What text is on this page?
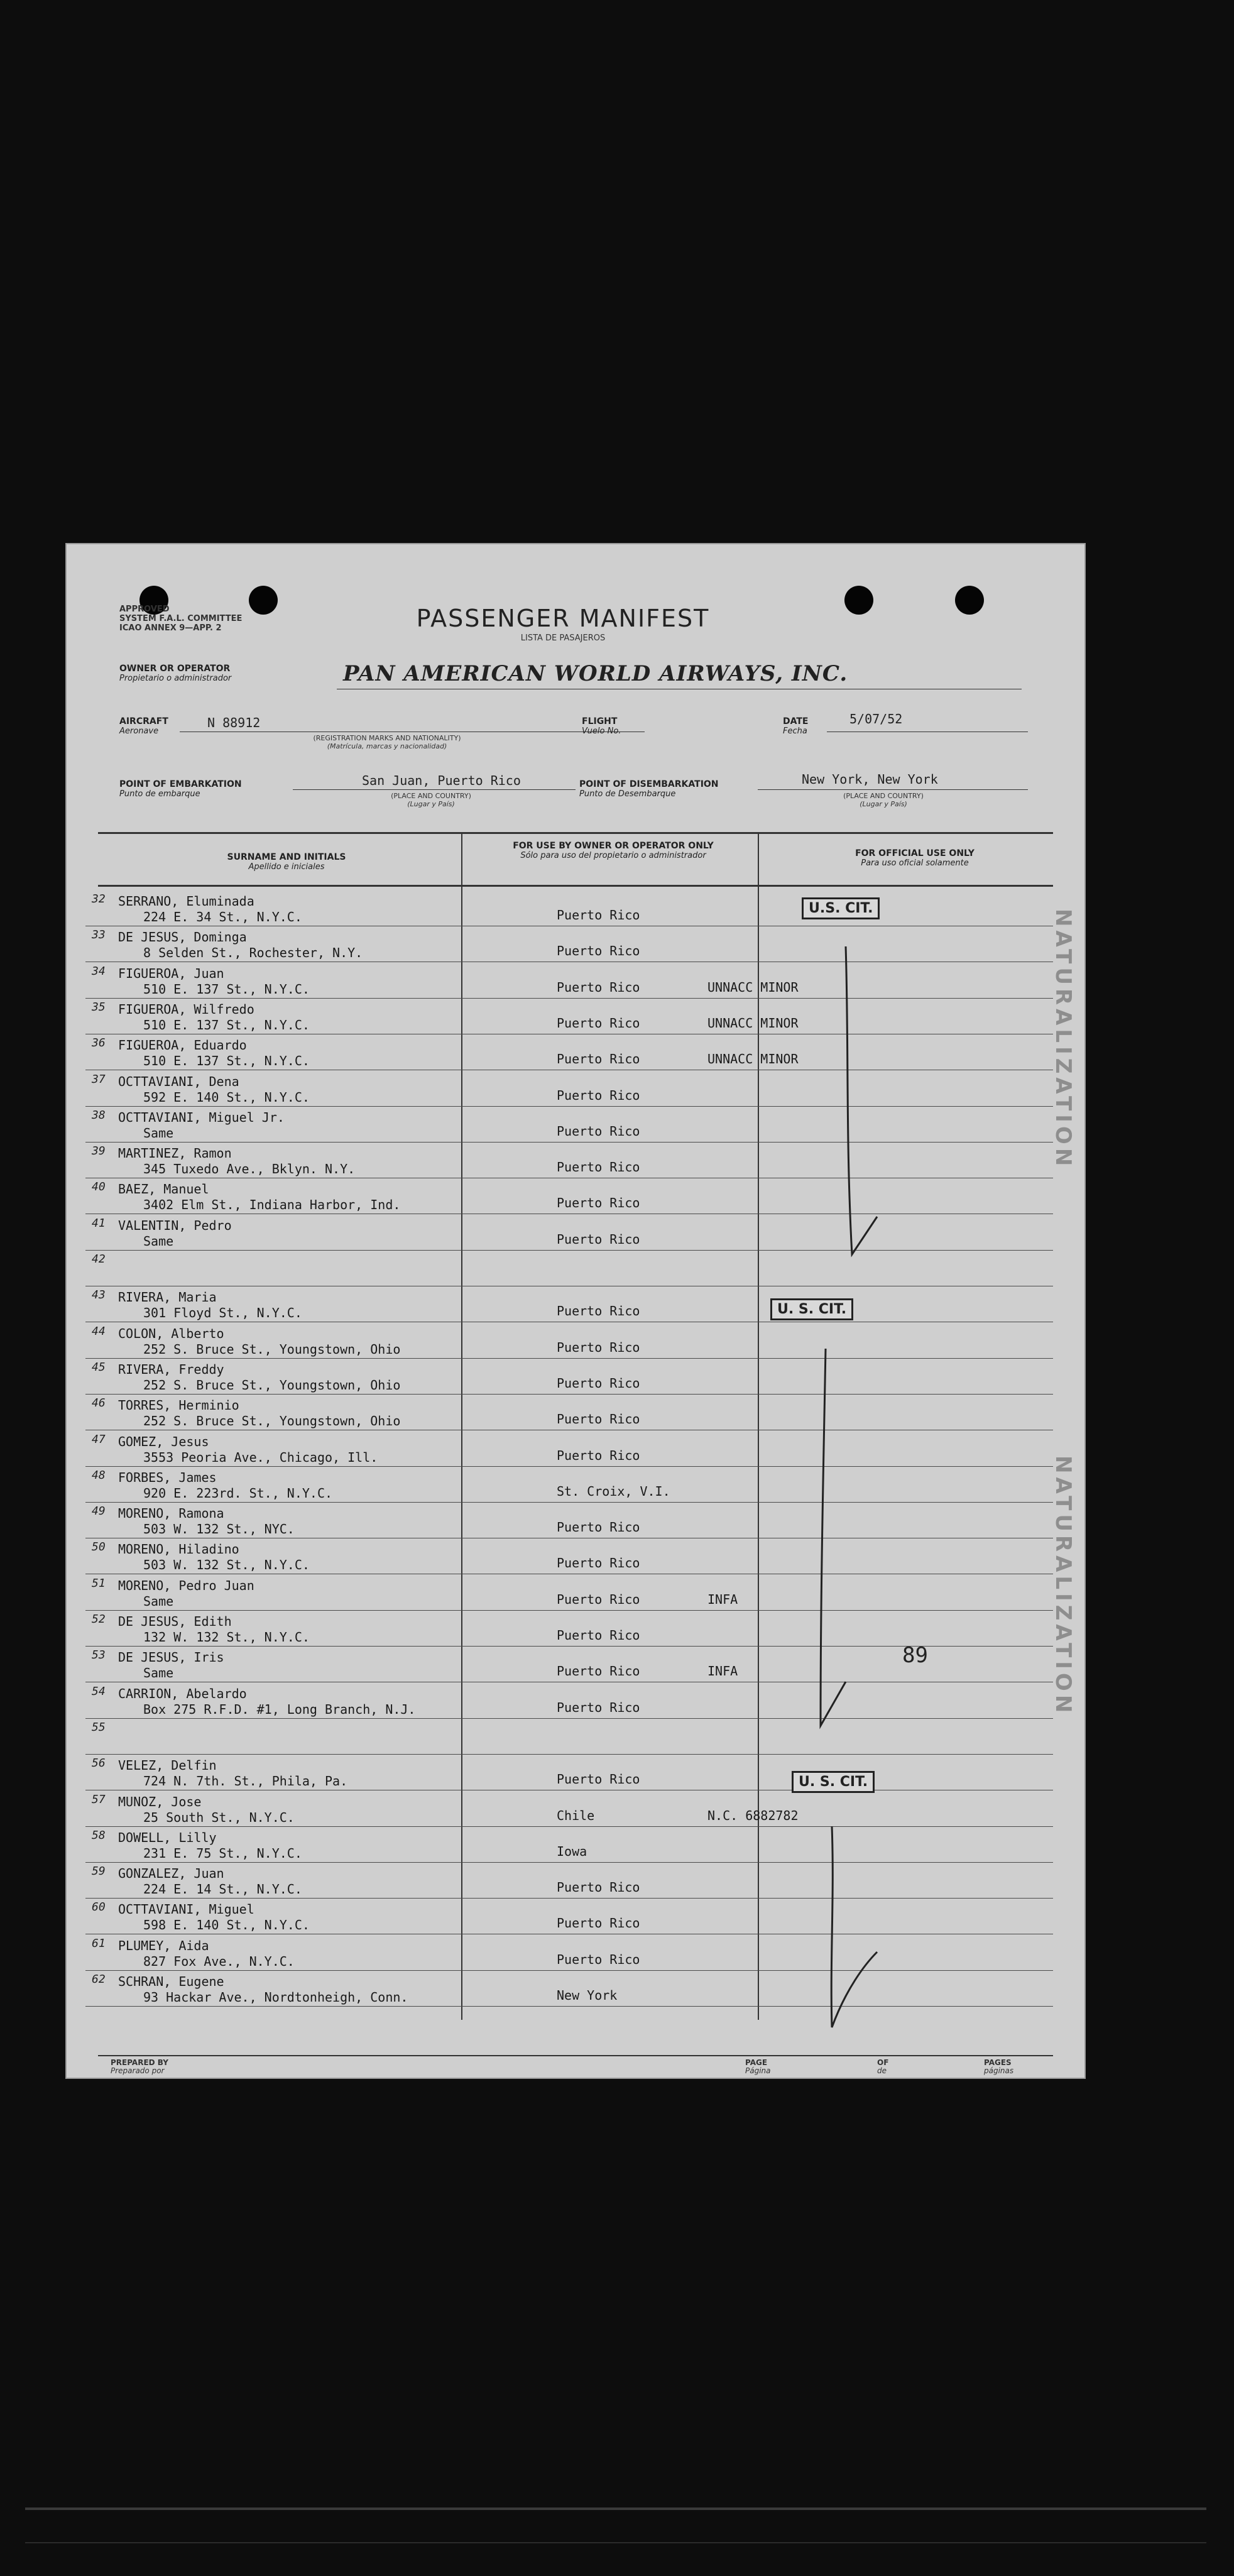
APPROVED
SYSTEM F.A.L. COMMITTEE
ICAO ANNEX 9—APP. 2	PASSENGER MANIFEST
LISTA DE PASAJEROS
OWNER OR OPERATOR
Propietario o administrador	PAN AMERICAN WORLD AIRWAYS, INC.
AIRCRAFT
Aeronave
N 88912
(REGISTRATION MARKS AND NATIONALITY)
(Matrícula, marcas y nacionalidad)
FLIGHT
Vuelo No.
DATE
Fecha
5/07/52
POINT OF EMBARKATION
Punto de embarque
San Juan, Puerto Rico
(PLACE AND COUNTRY)
(Lugar y País)
POINT OF DISEMBARKATION
Punto de Desembarque
New York, New York
(PLACE AND COUNTRY)
(Lugar y País)
SURNAME AND INITIALS
Apellido e iniciales
FOR USE BY OWNER OR OPERATOR ONLY
Sólo para uso del propietario o administrador	FOR OFFICIAL USE ONLY
Para uso oficial solamente
32 SERRANO, Eluminada
224 E. 34 St., N.Y.C.	Puerto Rico
33 DE JESUS, Dominga
8 Selden St., Rochester, N.Y.	Puerto Rico
34 FIGUEROA, Juan
510 E. 137 St., N.Y.C.	Puerto Rico	UNNACC MINOR
35 FIGUEROA, Wilfredo
510 E. 137 St., N.Y.C.	Puerto Rico	UNNACC MINOR
36 FIGUEROA, Eduardo
510 E. 137 St., N.Y.C.	Puerto Rico	UNNACC MINOR
37 OCTTAVIANI, Dena
592 E. 140 St., N.Y.C.	Puerto Rico
38 OCTTAVIANI, Miguel Jr.
Same	Puerto Rico
39 MARTINEZ, Ramon
345 Tuxedo Ave., Bklyn. N.Y.	Puerto Rico
40 BAEZ, Manuel
3402 Elm St., Indiana Harbor, Ind.	Puerto Rico
41 VALENTIN, Pedro
Same	Puerto Rico
42
43 RIVERA, Maria
301 Floyd St., N.Y.C.	Puerto Rico
44 COLON, Alberto
252 S. Bruce St., Youngstown, Ohio	Puerto Rico
45 RIVERA, Freddy
252 S. Bruce St., Youngstown, Ohio	Puerto Rico
46 TORRES, Herminio
252 S. Bruce St., Youngstown, Ohio	Puerto Rico
47 GOMEZ, Jesus
3553 Peoria Ave., Chicago, Ill.	Puerto Rico
48 FORBES, James
920 E. 223rd. St., N.Y.C.	St. Croix, V.I.
49 MORENO, Ramona
503 W. 132 St., NYC.	Puerto Rico
50 MORENO, Hiladino
503 W. 132 St., N.Y.C.	Puerto Rico
51 MORENO, Pedro Juan
Same	Puerto Rico	INFA
52 DE JESUS, Edith
132 W. 132 St., N.Y.C.	Puerto Rico
53 DE JESUS, Iris
Same	Puerto Rico	INFA
54 CARRION, Abelardo
Box 275 R.F.D. #1, Long Branch, N.J.	Puerto Rico
55
56 VELEZ, Delfin
724 N. 7th. St., Phila, Pa.	Puerto Rico
57 MUNOZ, Jose
25 South St., N.Y.C.	Chile	N.C. 6882782
58 DOWELL, Lilly
231 E. 75 St., N.Y.C.	Iowa
59 GONZALEZ, Juan
224 E. 14 St., N.Y.C.	Puerto Rico
60 OCTTAVIANI, Miguel
598 E. 140 St., N.Y.C.	Puerto Rico
61 PLUMEY, Aida
827 Fox Ave., N.Y.C.	Puerto Rico
62 SCHRAN, Eugene
93 Hackar Ave., Nordtonheigh, Conn.	New York
U.S. CIT.
U. S. CIT.
U. S. CIT.
89
NATURALIZATION
NATURALIZATION
PREPARED BY
Preparado por
PAGE
Página
OF
de
PAGES
páginas
